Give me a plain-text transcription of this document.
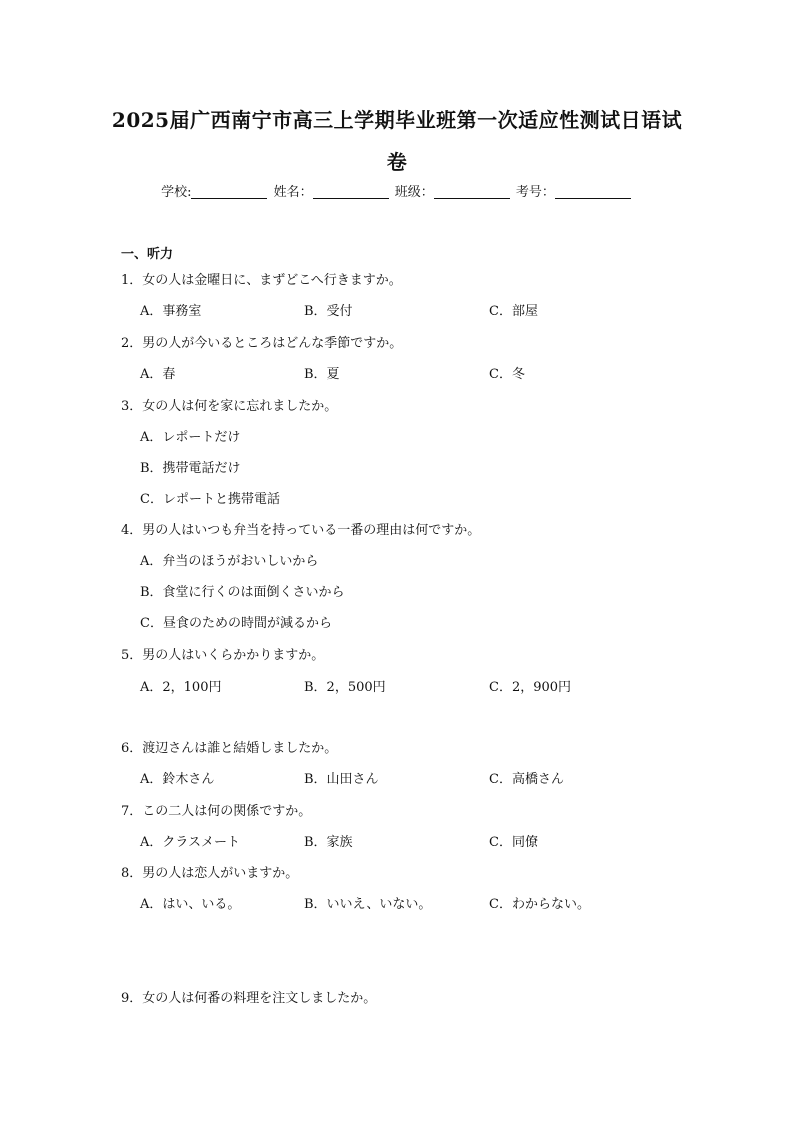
2025届广西南宁市高三上学期毕业班第一次适应性测试日语试
卷
学校:	姓名：	班级：	考号：
一、听力
1．女の人は金曜日に、まずどこへ行きますか。
A．事務室	B．受付	C．部屋
2．男の人が今いるところはどんな季節ですか。
A．春	B．夏	C．冬
3．女の人は何を家に忘れましたか。
A．レポートだけ
B．携帯電話だけ
C．レポートと携帯電話
4．男の人はいつも弁当を持っている一番の理由は何ですか。
A．弁当のほうがおいしいから
B．食堂に行くのは面倒くさいから
C．昼食のための時間が減るから
5．男の人はいくらかかりますか。
A．2，100円	B．2，500円	C．2，900円
6．渡辺さんは誰と結婚しましたか。
A．鈴木さん	B．山田さん	C．高橋さん
7．この二人は何の関係ですか。
A．クラスメート	B．家族	C．同僚
8．男の人は恋人がいますか。
A．はい、いる。	B．いいえ、いない。	C．わからない。
9．女の人は何番の料理を注文しましたか。
